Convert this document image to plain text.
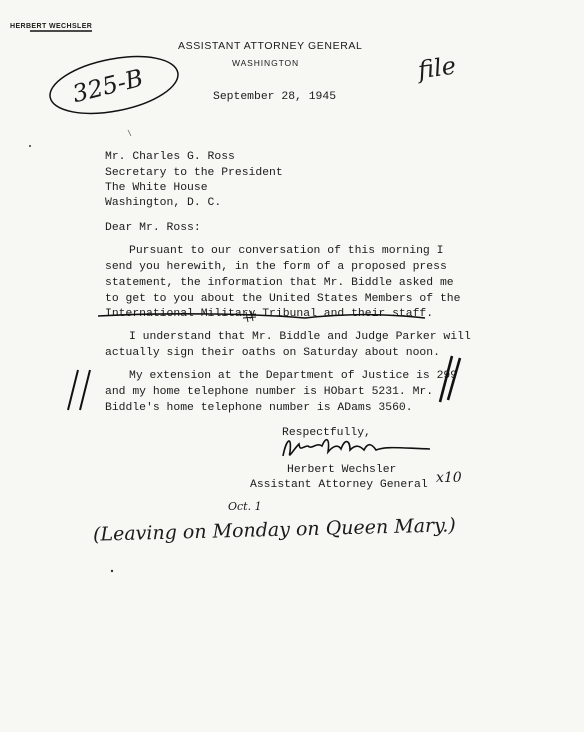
HERBERT WECHSLER
ASSISTANT ATTORNEY GENERAL
WASHINGTON
September 28, 1945
Mr. Charles G. Ross
Secretary to the President
The White House
Washington, D. C.
Dear Mr. Ross:
Pursuant to our conversation of this morning I
send you herewith, in the form of a proposed press
statement, the information that Mr. Biddle asked me
to get to you about the United States Members of the
International Military Tribunal and their staff.
I understand that Mr. Biddle and Judge Parker will
actually sign their oaths on Saturday about noon.
My extension at the Department of Justice is 299
and my home telephone number is HObart 5231. Mr.
Biddle's home telephone number is ADams 3560.
Respectfully,
Herbert Wechsler
Assistant Attorney General
325-B	file
x10
Oct. 1
(Leaving on Monday on Queen Mary.)
